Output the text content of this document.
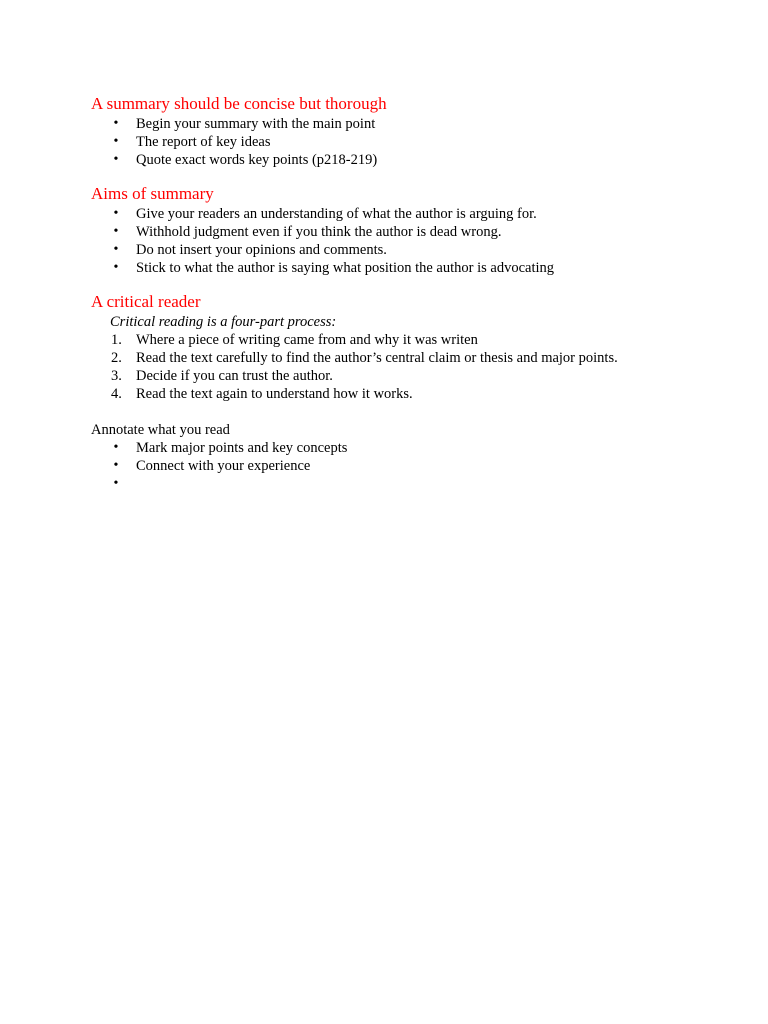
A summary should be concise but thorough
• Begin your summary with the main point
• The report of key ideas
• Quote exact words key points (p218-219)
Aims of summary
• Give your readers an understanding of what the author is arguing for.
• Withhold judgment even if you think the author is dead wrong.
• Do not insert your opinions and comments.
• Stick to what the author is saying what position the author is advocating
A critical reader
Critical reading is a four-part process:
1. Where a piece of writing came from and why it was writen
2. Read the text carefully to find the author’s central claim or thesis and major points.
3. Decide if you can trust the author.
4. Read the text again to understand how it works.
Annotate what you read
• Mark major points and key concepts
• Connect with your experience
•
